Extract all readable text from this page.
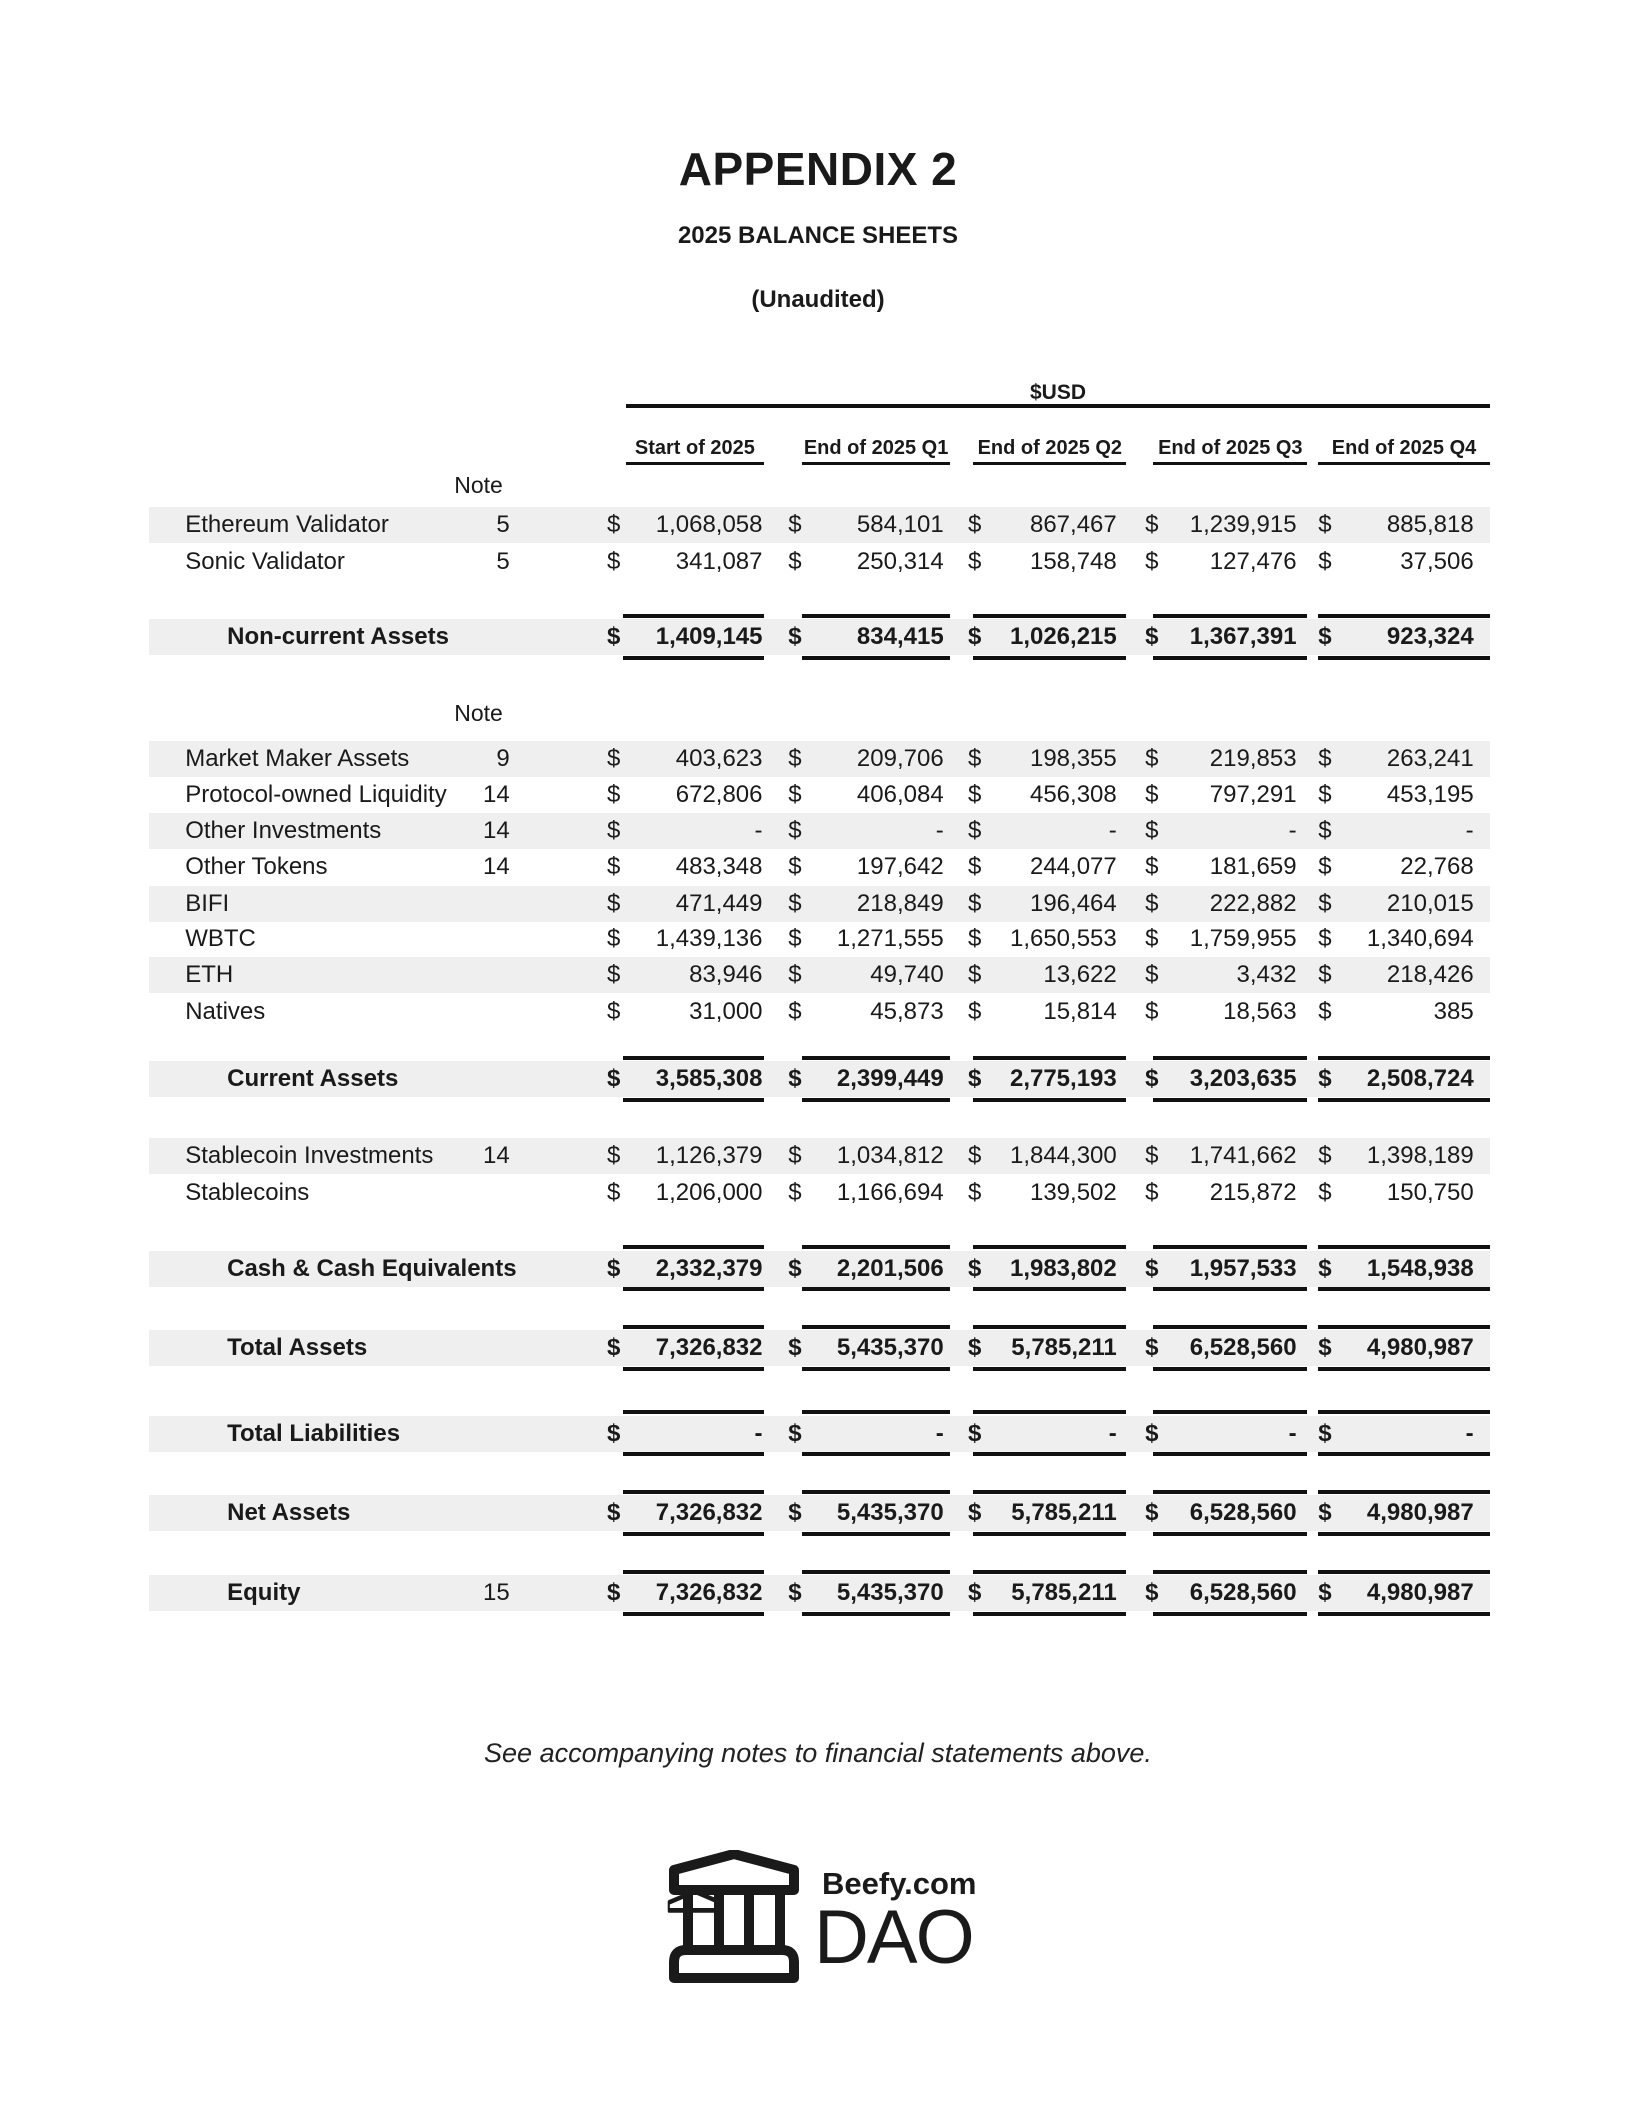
APPENDIX 2
2025 BALANCE SHEETS
(Unaudited)
$USD
Start of 2025	End of 2025 Q1 End of 2025 Q2 End of 2025 Q3	End of 2025 Q4
Note
Ethereum Validator	5	$	1,068,058 $	584,101 $	867,467 $	1,239,915 $	885,818
Sonic Validator	5	$	341,087 $	250,314 $	158,748 $	127,476 $	37,506
Non-current Assets	$	1,409,145 $	834,415 $	1,026,215 $	1,367,391 $	923,324
Note
Market Maker Assets	9	$	403,623 $	209,706 $	198,355 $	219,853 $	263,241
Protocol-owned Liquidity	14	$	672,806 $	406,084 $	456,308 $	797,291 $	453,195
Other Investments	14	$	- $	- $	- $	- $	-
Other Tokens	14	$	483,348 $	197,642 $	244,077 $	181,659 $	22,768
BIFI	$	471,449 $	218,849 $	196,464 $	222,882 $	210,015
WBTC	$	1,439,136 $	1,271,555 $	1,650,553 $	1,759,955 $	1,340,694
ETH	$	83,946 $	49,740 $	13,622 $	3,432 $	218,426
Natives	$	31,000 $	45,873 $	15,814 $	18,563 $	385
Current Assets	$	3,585,308 $	2,399,449 $	2,775,193 $	3,203,635 $	2,508,724
Stablecoin Investments	14	$	1,126,379 $	1,034,812 $	1,844,300 $	1,741,662 $	1,398,189
Stablecoins	$	1,206,000 $	1,166,694 $	139,502 $	215,872 $	150,750
Cash & Cash Equivalents	$	2,332,379 $	2,201,506 $	1,983,802 $	1,957,533 $	1,548,938
Total Assets	$	7,326,832 $	5,435,370 $	5,785,211 $	6,528,560 $	4,980,987
Total Liabilities	$	- $	- $	- $	- $	-
Net Assets	$	7,326,832 $	5,435,370 $	5,785,211 $	6,528,560 $	4,980,987
Equity	15	$	7,326,832 $	5,435,370 $	5,785,211 $	6,528,560 $	4,980,987
See accompanying notes to financial statements above.
Beefy.com
DAO
